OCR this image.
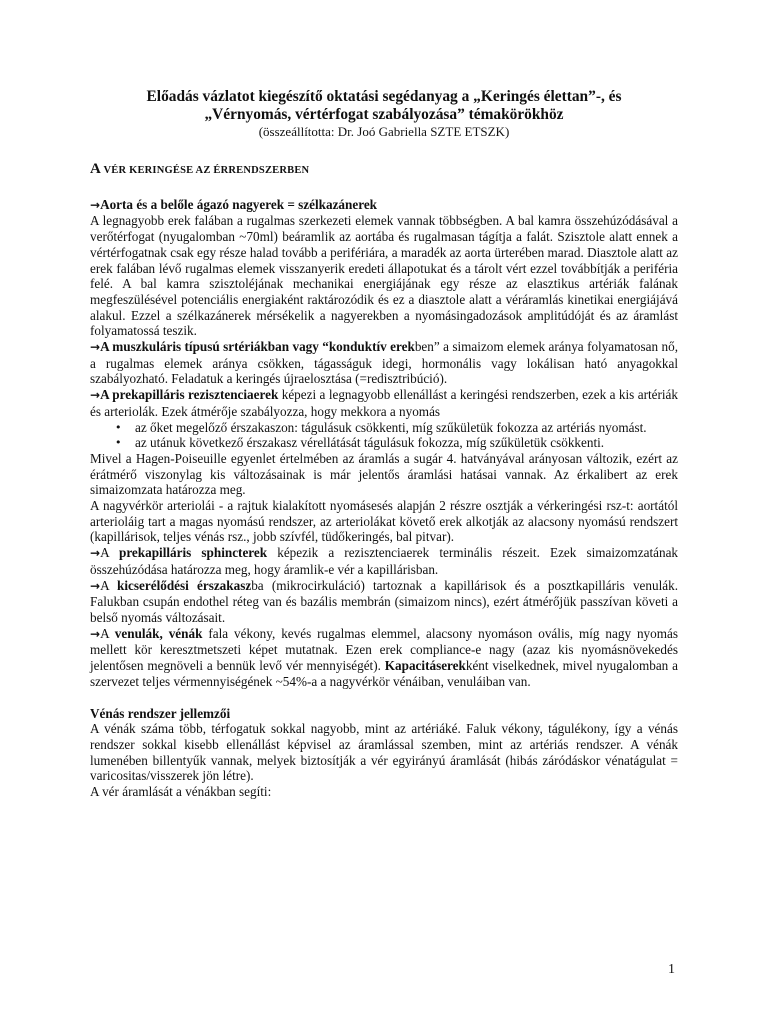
Előadás vázlatot kiegészítő oktatási segédanyag a „Keringés élettan”-, és

„Vérnyomás, vértérfogat szabályozása” témakörökhöz

(összeállította: Dr. Joó Gabriella SZTE ETSZK)

A VÉR KERINGÉSE AZ ÉRRENDSZERBEN

→Aorta és a belőle ágazó nagyerek = szélkazánerek

A legnagyobb erek falában a rugalmas szerkezeti elemek vannak többségben. A bal kamra összehúzódásával a verőtérfogat (nyugalomban ~70ml) beáramlik az aortába és rugalmasan tágítja a falát. Szisztole alatt ennek a vértérfogatnak csak egy része halad tovább a perifériára, a maradék az aorta ürterében marad. Diasztole alatt az erek falában lévő rugalmas elemek visszanyerik eredeti állapotukat és a tárolt vért ezzel továbbítják a periféria felé. A bal kamra szisztoléjának mechanikai energiájának egy része az elasztikus artériák falának megfeszülésével potenciális energiaként raktározódik és ez a diasztole alatt a véráramlás kinetikai energiájává alakul. Ezzel a szélkazánerek mérsékelik a nagyerekben a nyomásingadozások amplitúdóját és az áramlást folyamatossá teszik.

→A muszkuláris típusú srtériákban vagy “konduktív erekben” a simaizom elemek aránya folyamatosan nő, a rugalmas elemek aránya csökken, tágasságuk idegi, hormonális vagy lokálisan ható anyagokkal szabályozható. Feladatuk a keringés újraelosztása (=redisztribúció).

→A prekapilláris rezisztenciaerek képezi a legnagyobb ellenállást a keringési rendszerben, ezek a kis artériák és arteriolák. Ezek átmérője szabályozza, hogy mekkora a nyomás

• az őket megelőző érszakaszon: tágulásuk csökkenti, míg szűkületük fokozza az artériás nyomást.
• az utánuk következő érszakasz vérellátását tágulásuk fokozza, míg szűkületük csökkenti.

Mivel a Hagen-Poiseuille egyenlet értelmében az áramlás a sugár 4. hatványával arányosan változik, ezért az érátmérő viszonylag kis változásainak is már jelentős áramlási hatásai vannak. Az érkalibert az erek simaizomzata határozza meg.

A nagyvérkör arteriolái - a rajtuk kialakított nyomásesés alapján 2 részre osztják a vérkeringési rsz-t: aortától arterioláig tart a magas nyomású rendszer, az arteriolákat követő erek alkotják az alacsony nyomású rendszert (kapillárisok, teljes vénás rsz., jobb szívfél, tüdőkeringés, bal pitvar).

→A prekapilláris sphincterek képezik a rezisztenciaerek terminális részeit. Ezek simaizomzatának összehúzódása határozza meg, hogy áramlik-e vér a kapillárisban.

→A kicserélődési érszakaszba (mikrocirkuláció) tartoznak a kapillárisok és a posztkapilláris venulák. Falukban csupán endothel réteg van és bazális membrán (simaizom nincs), ezért átmérőjük passzívan követi a belső nyomás változásait.

→A venulák, vénák fala vékony, kevés rugalmas elemmel, alacsony nyomáson ovális, míg nagy nyomás mellett kör keresztmetszeti képet mutatnak. Ezen erek compliance-e nagy (azaz kis nyomásnövekedés jelentősen megnöveli a bennük levő vér mennyiségét). Kapacitáserekként viselkednek, mivel nyugalomban a szervezet teljes vérmennyiségének ~54%-a a nagyvérkör vénáiban, venuláiban van.

Vénás rendszer jellemzői

A vénák száma több, térfogatuk sokkal nagyobb, mint az artériáké. Faluk vékony, tágulékony, így a vénás rendszer sokkal kisebb ellenállást képvisel az áramlással szemben, mint az artériás rendszer. A vénák lumenében billentyűk vannak, melyek biztosítják a vér egyirányú áramlását (hibás záródáskor vénatágulat = varicositas/visszerek jön létre).

A vér áramlását a vénákban segíti:

1
